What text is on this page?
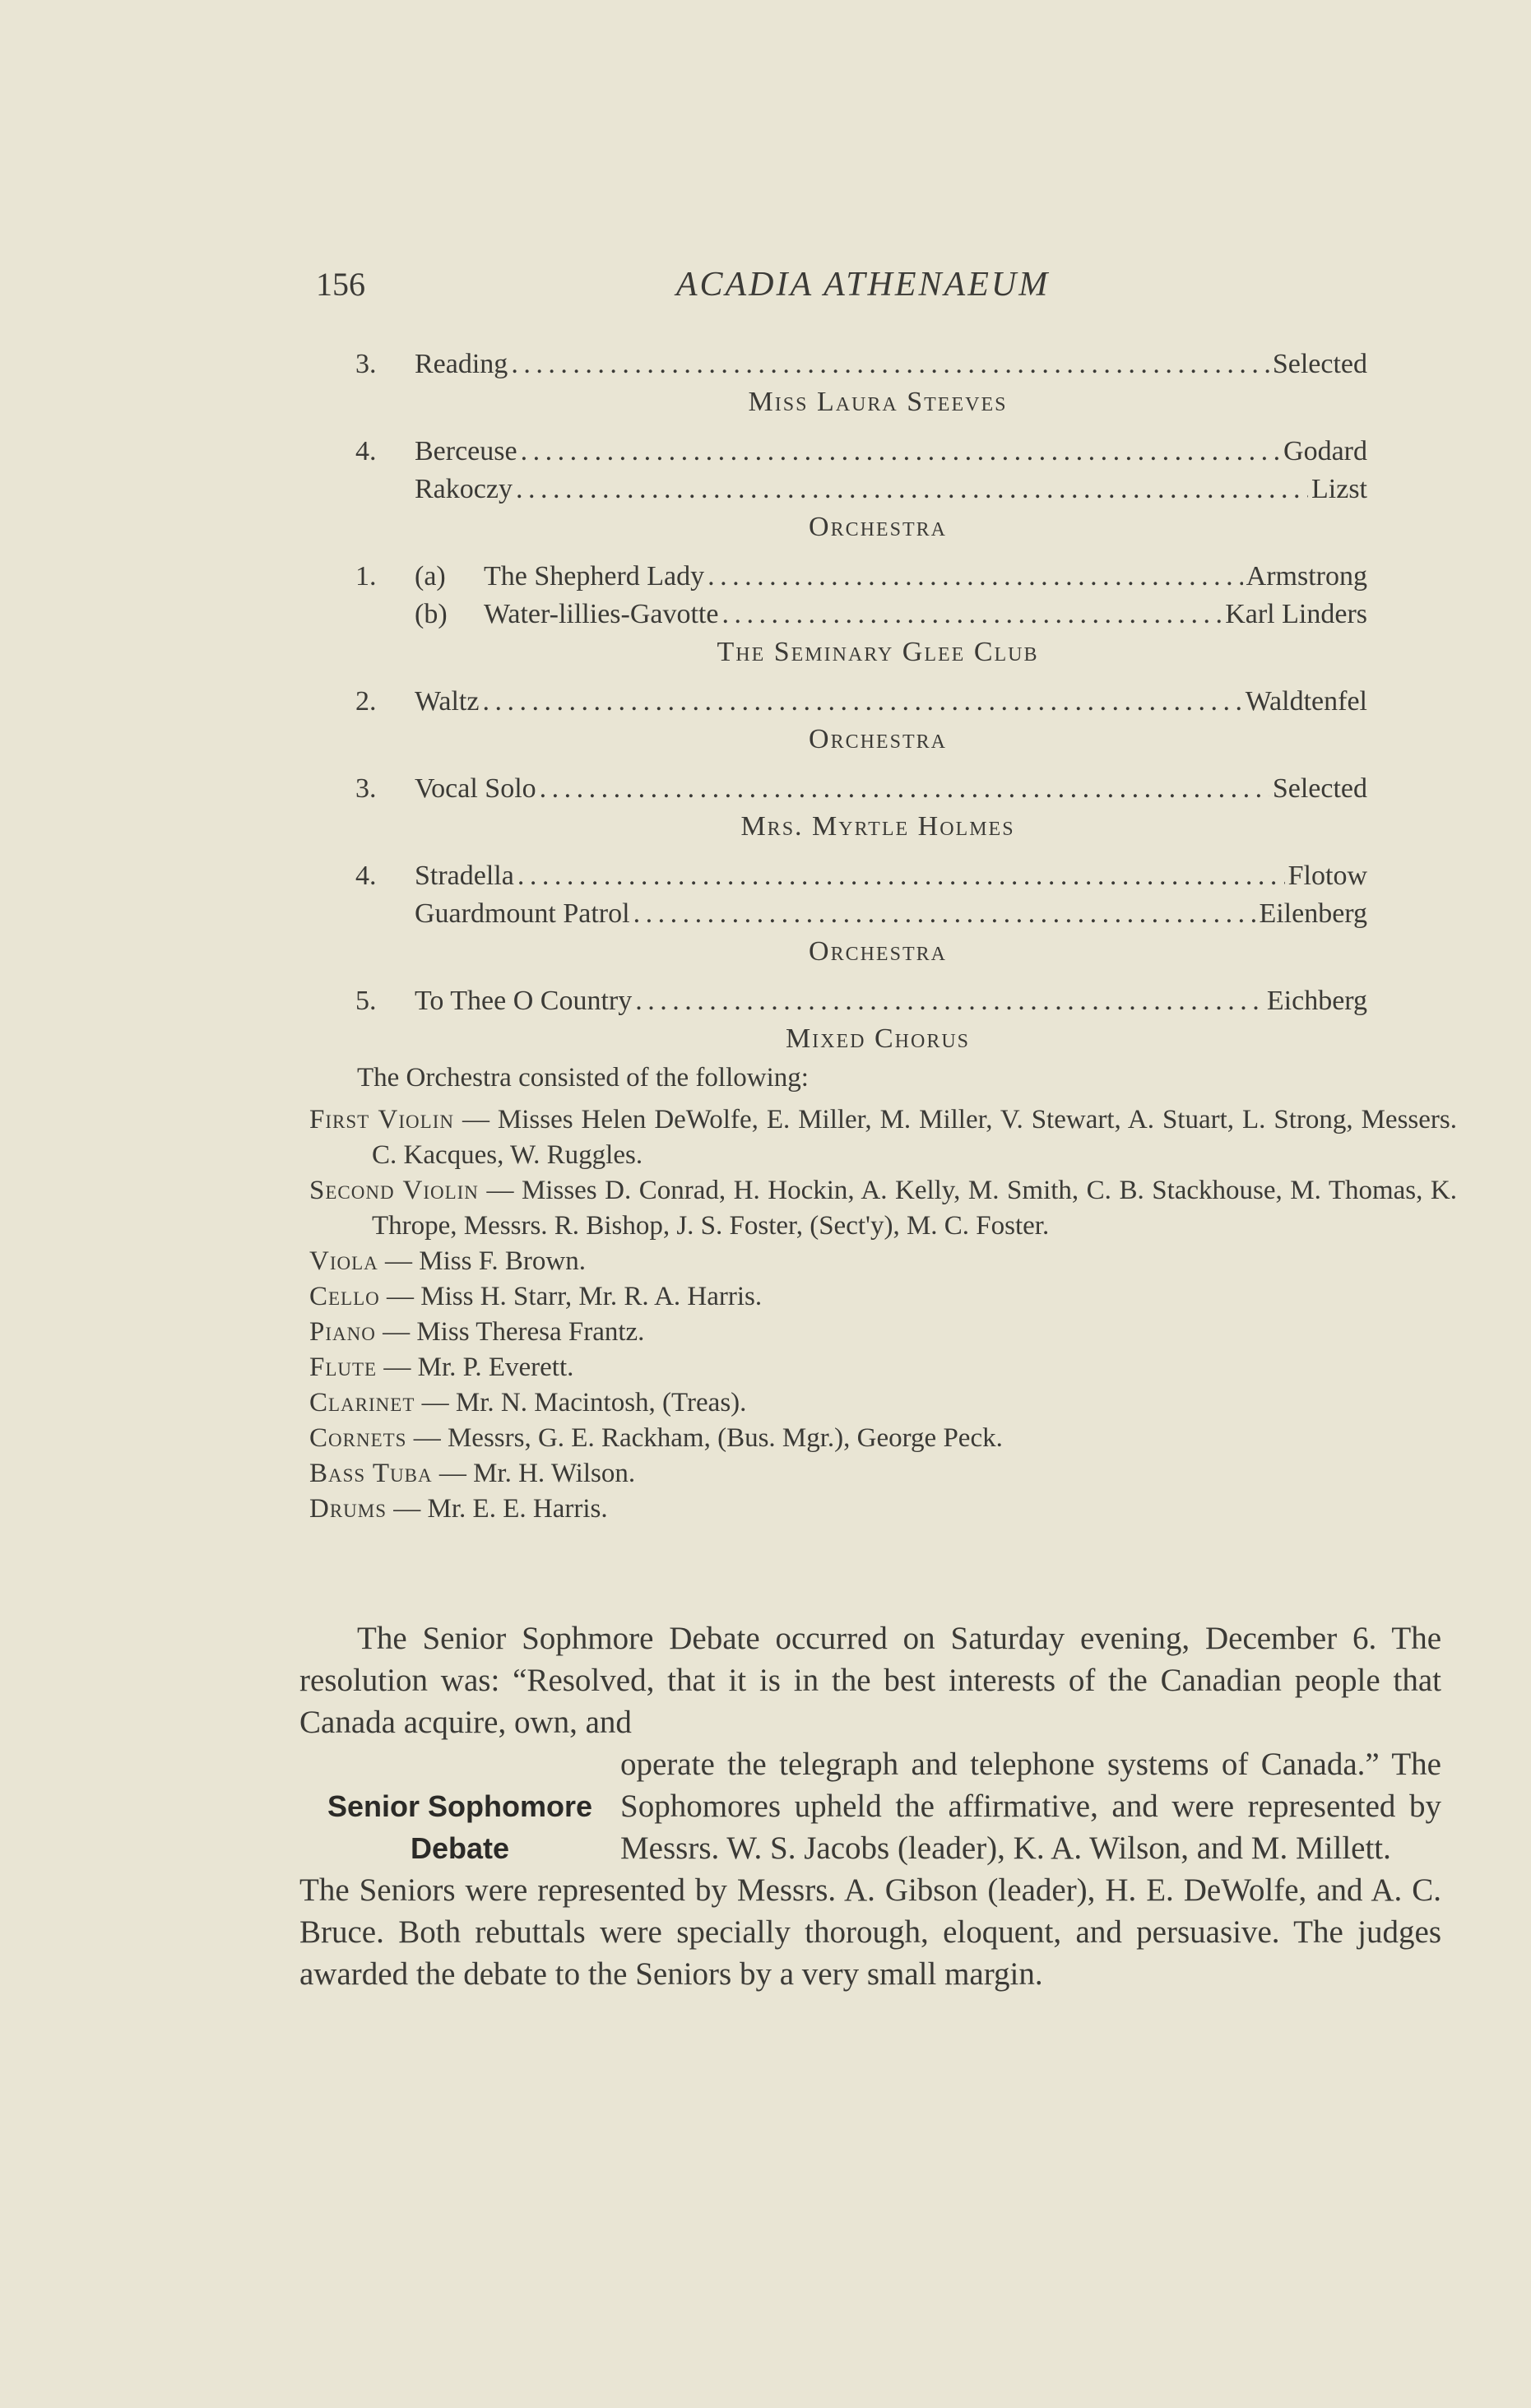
156	ACADIA ATHENAEUM
3.	Reading . . .	Selected
Miss Laura Steeves
4.	Berceuse . . .	Godard
Rakoczy . . .	Lizst
Orchestra
1.	(a)	The Shepherd Lady . . .	Armstrong
(b)	Water-lillies-Gavotte . . .	Karl Linders
The Seminary Glee Club
2.	Waltz . . .	Waldtenfel
Orchestra
3.	Vocal Solo . . .	Selected
Mrs. Myrtle Holmes
4.	Stradella . . .	Flotow
Guardmount Patrol . . .	Eilenberg
Orchestra
5.	To Thee O Country . . .	Eichberg
Mixed Chorus
The Orchestra consisted of the following:
First Violin — Misses Helen DeWolfe, E. Miller, M. Miller, V. Stewart, A. Stuart, L. Strong, Messers. C. Kacques, W. Ruggles.
Second Violin — Misses D. Conrad, H. Hockin, A. Kelly, M. Smith, C. B. Stackhouse, M. Thomas, K. Thrope, Messrs. R. Bishop, J. S. Foster, (Sect'y), M. C. Foster.
Viola — Miss F. Brown.
Cello — Miss H. Starr, Mr. R. A. Harris.
Piano — Miss Theresa Frantz.
Flute — Mr. P. Everett.
Clarinet — Mr. N. Macintosh, (Treas).
Cornets — Messrs, G. E. Rackham, (Bus. Mgr.), George Peck.
Bass Tuba — Mr. H. Wilson.
Drums — Mr. E. E. Harris.

The Senior Sophmore Debate occurred on Saturday evening, December 6. The resolution was: “Resolved, that it is in the best interests of the Canadian people that Canada acquire, own, and

Senior Sophomore
Debate

operate the telegraph and telephone systems of Canada.” The Sophomores upheld the affirmative, and were represented by Messrs. W. S. Jacobs (leader), K. A. Wilson, and M. Millett.

The Seniors were represented by Messrs. A. Gibson (leader), H. E. DeWolfe, and A. C. Bruce. Both rebuttals were specially thorough, eloquent, and persuasive. The judges awarded the debate to the Seniors by a very small margin.
